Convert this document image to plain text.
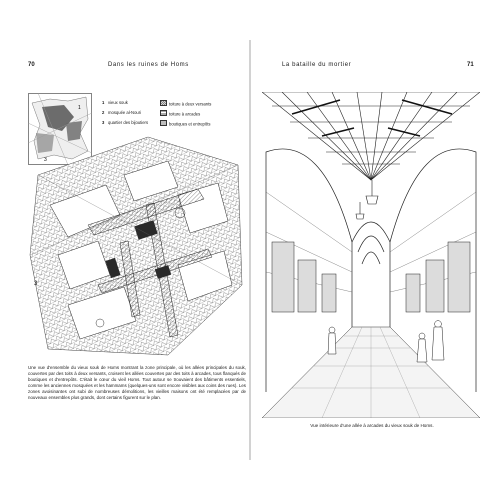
70	Dans les ruines de Homs	La bataille du mortier	71
1
3
1 vieux souk
2 mosquée al-Nouri
3 quartier des bijoutiers
toiture à deux versants
toiture à arcades
boutiques et entrepôts
3
Une vue d'ensemble du vieux souk de Homs montrant la zone principale, où les allées principales du souk, couvertes par des toits à deux versants, croisent les allées couvertes par des toits à arcades, tous flanqués de boutiques et d'entrepôts. C'était le cœur du vieil Homs. Tout autour se trouvaient des bâtiments essentiels, comme les anciennes mosquées et les hammams (quelques-uns sont encore visibles aux coins des rues). Les zones avoisinantes ont subi de nombreuses démolitions, les vieilles maisons ont été remplacées par de nouveaux ensembles plus grands, dont certains figurent sur le plan.
Vue intérieure d'une allée à arcades du vieux souk de Homs.
